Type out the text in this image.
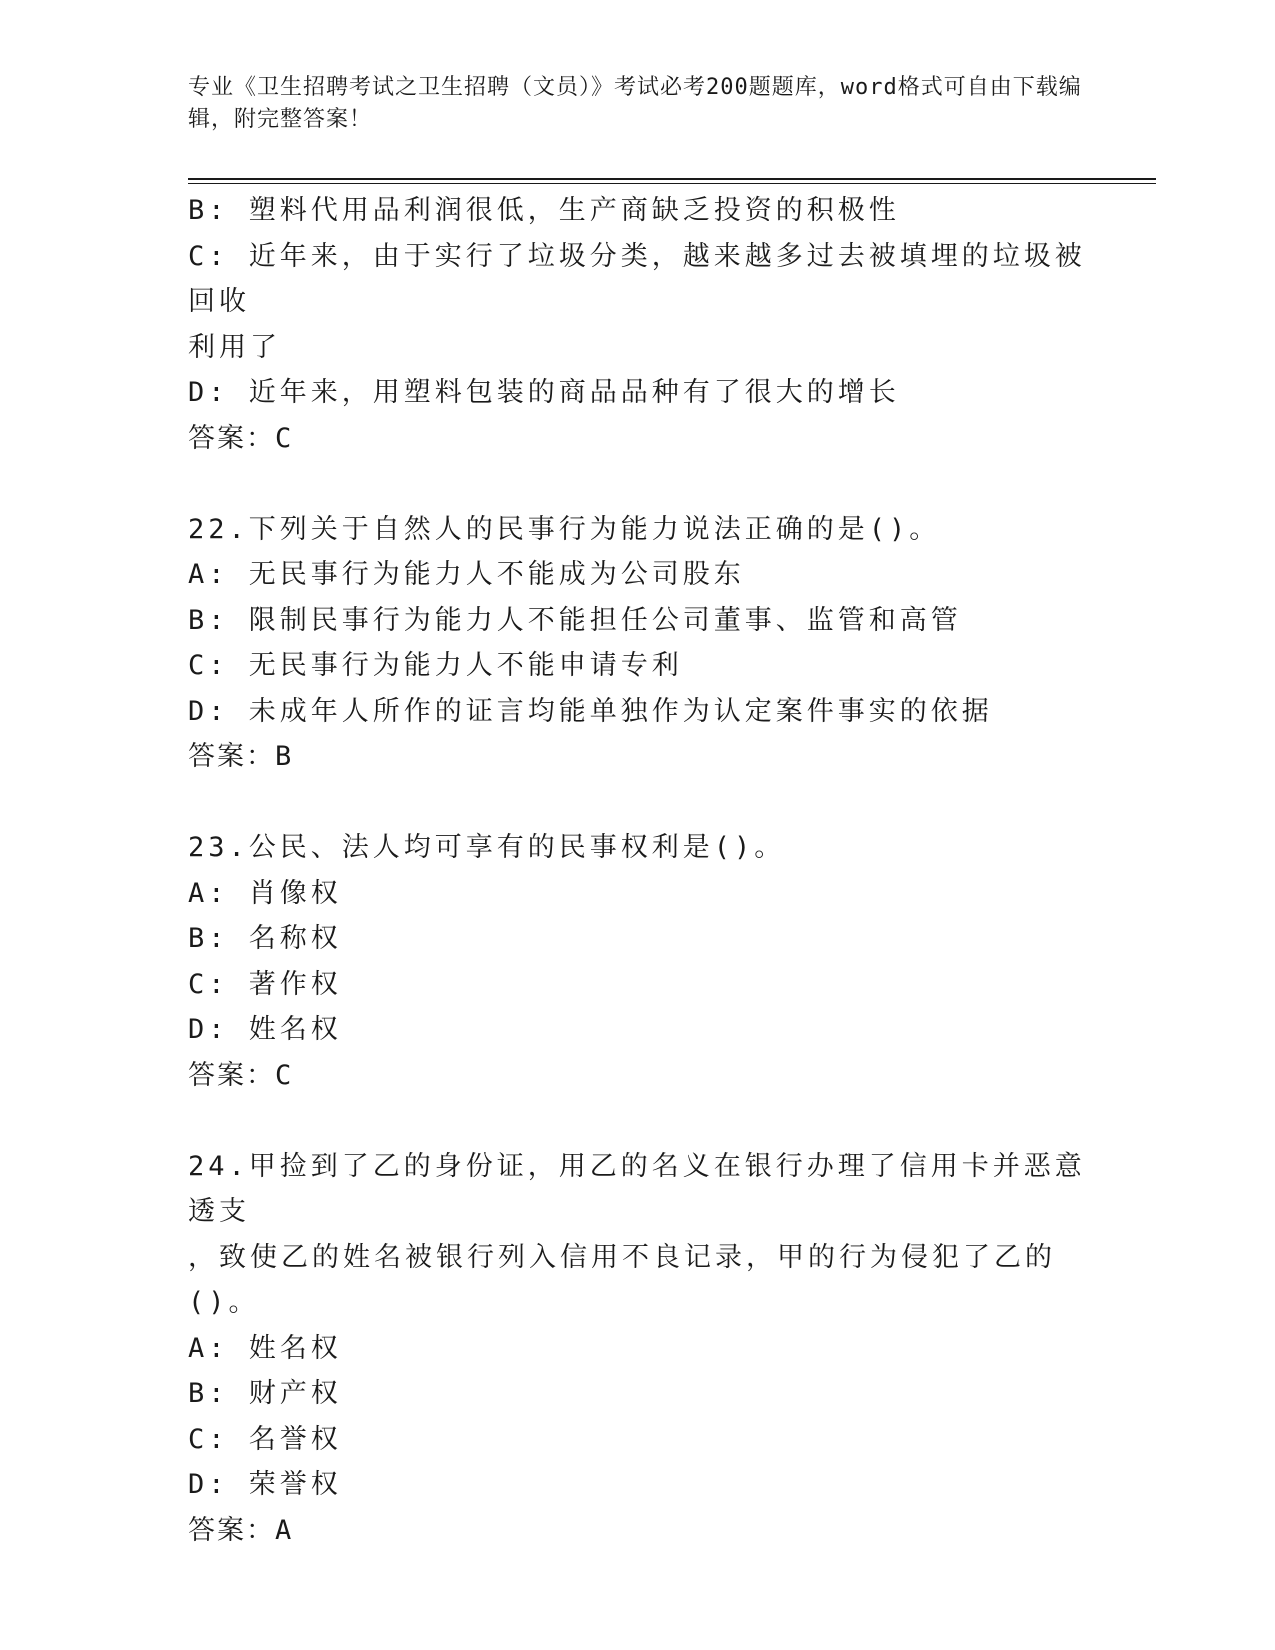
专业《卫生招聘考试之卫生招聘（文员）》考试必考200题题库，word格式可自由下载编辑，附完整答案！
B: 塑料代用品利润很低，生产商缺乏投资的积极性
C: 近年来，由于实行了垃圾分类，越来越多过去被填埋的垃圾被回收
利用了
D: 近年来，用塑料包装的商品品种有了很大的增长
答案：C
22.下列关于自然人的民事行为能力说法正确的是()。
A: 无民事行为能力人不能成为公司股东
B: 限制民事行为能力人不能担任公司董事、监管和高管
C: 无民事行为能力人不能申请专利
D: 未成年人所作的证言均能单独作为认定案件事实的依据
答案：B
23.公民、法人均可享有的民事权利是()。
A: 肖像权
B: 名称权
C: 著作权
D: 姓名权
答案：C
24.甲捡到了乙的身份证，用乙的名义在银行办理了信用卡并恶意透支
，致使乙的姓名被银行列入信用不良记录，甲的行为侵犯了乙的()。
A: 姓名权
B: 财产权
C: 名誉权
D: 荣誉权
答案：A
